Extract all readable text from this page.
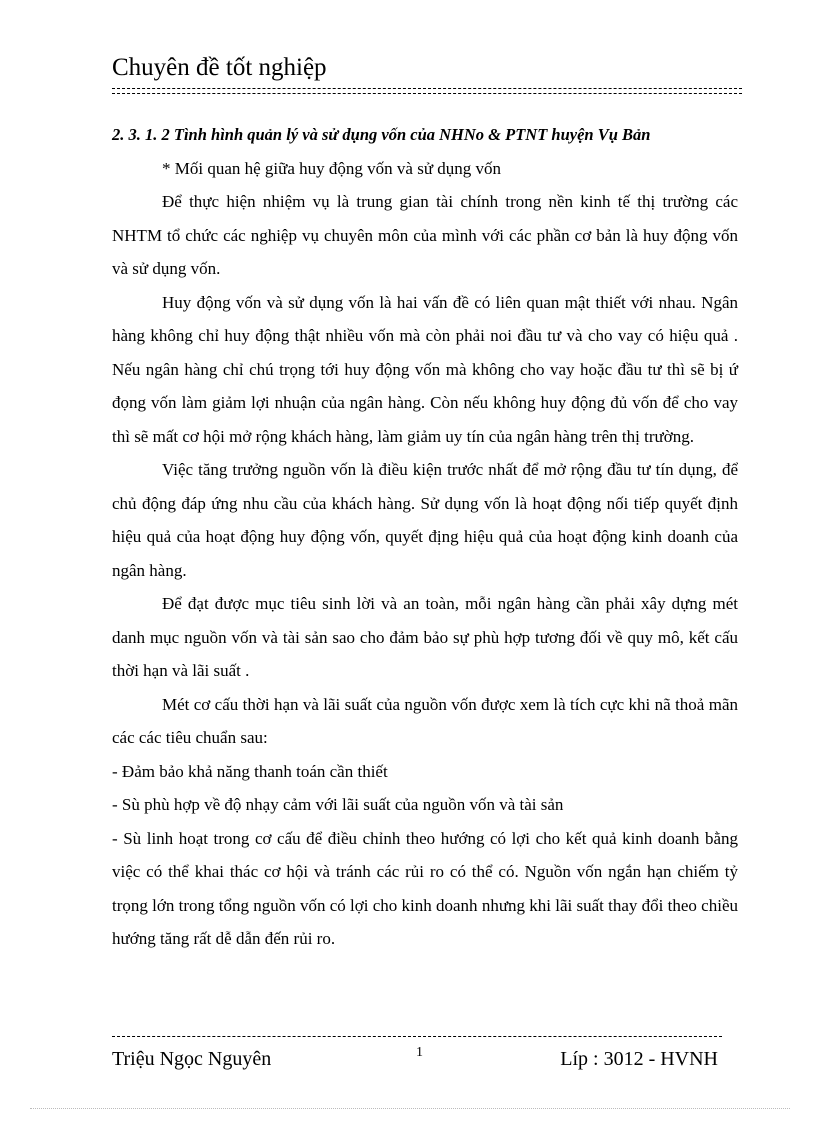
Chuyên đề tốt nghiệp

2. 3. 1. 2 Tình hình quản lý và sử dụng vốn của NHNo & PTNT huyện Vụ Bản

* Mối quan hệ giữa huy động vốn và sử dụng vốn

Để thực hiện nhiệm vụ là trung gian tài chính trong nền kinh tế thị trường các NHTM tổ chức các nghiệp vụ chuyên môn của mình với các phần cơ bản là huy động vốn và sử dụng vốn.

Huy động vốn và sử dụng vốn là hai vấn đề có liên quan mật thiết với nhau. Ngân hàng không chỉ huy động thật nhiều vốn mà còn phải noi đầu tư và cho vay có hiệu quả . Nếu ngân hàng chỉ chú trọng tới huy động vốn mà không cho vay hoặc đầu tư thì sẽ bị ứ đọng vốn làm giảm lợi nhuận của ngân hàng. Còn nếu không huy động đủ vốn để cho vay thì sẽ mất cơ hội mở rộng khách hàng, làm giảm uy tín của ngân hàng trên thị trường.

Việc tăng trưởng nguồn vốn là điều kiện trước nhất để mở rộng đầu tư tín dụng, để chủ động đáp ứng nhu cầu của khách hàng. Sử dụng vốn là hoạt động nối tiếp quyết định hiệu quả của hoạt động huy động vốn, quyết địng hiệu quả của hoạt động kinh doanh của ngân hàng.

Để đạt được mục tiêu sinh lời và an toàn, mỗi ngân hàng cần phải xây dựng mét danh mục nguồn vốn và tài sản sao cho đảm bảo sự phù hợp tương đối về quy mô, kết cấu thời hạn và lãi suất .

Mét cơ cấu thời hạn và lãi suất của nguồn vốn được xem là tích cực khi nã thoả mãn các các tiêu chuẩn sau:

- Đảm bảo khả năng thanh toán cần thiết

- Sù phù hợp về độ nhạy cảm với lãi suất của nguồn vốn và tài sản

- Sù linh hoạt trong cơ cấu để điều chỉnh theo hướng có lợi cho kết quả kinh doanh bằng việc có thể khai thác cơ hội và tránh các rủi ro có thể có. Nguồn vốn ngắn hạn chiếm tỷ trọng lớn trong tổng nguồn vốn có lợi cho kinh doanh nhưng khi lãi suất thay đổi theo chiều hướng tăng rất dễ dẫn đến rủi ro.

Triệu Ngọc Nguyên	1	Líp : 3012 - HVNH
